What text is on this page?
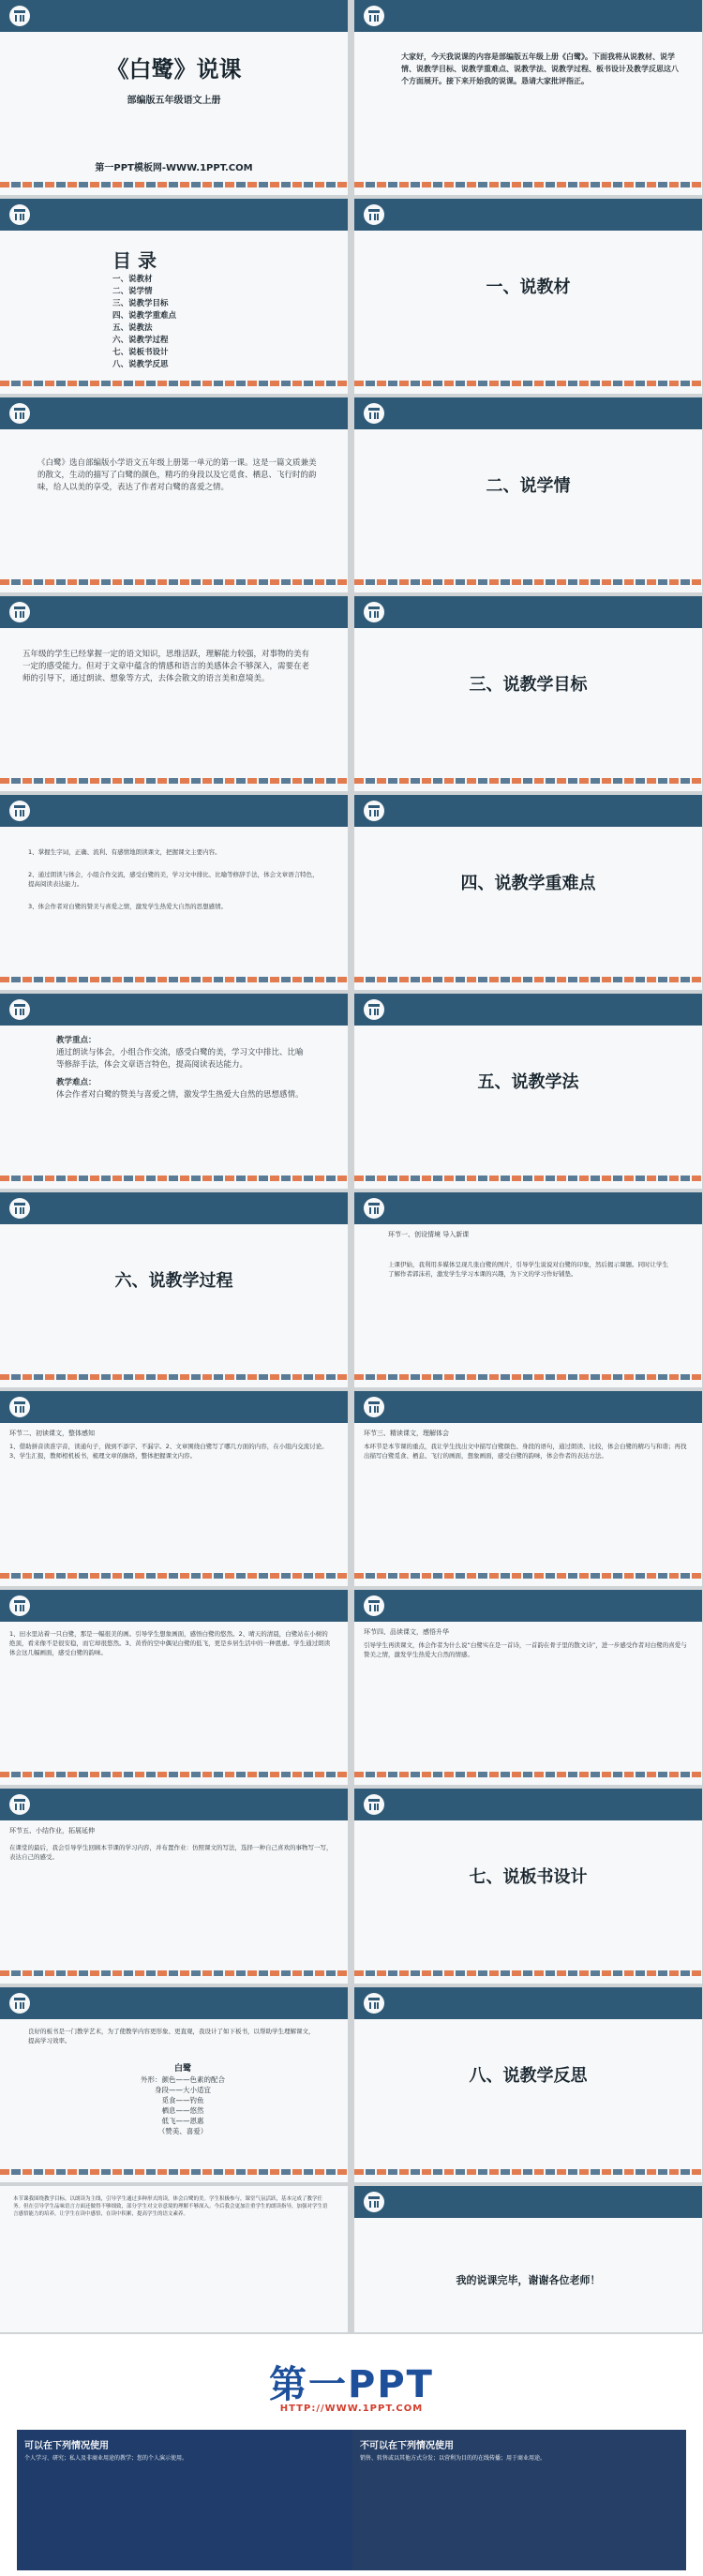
《白鹭》说课
部编版五年级语文上册
第一PPT模板网-WWW.1PPT.COM
大家好，今天我说课的内容是部编版五年级上册《白鹭》。下面我将从说教材、说学情、说教学目标、说教学重难点、说教学法、说教学过程、板书设计及教学反思这八个方面展开。接下来开始我的说课。恳请大家批评指正。
目 录
一、说教材
二、说学情
三、说教学目标
四、说教学重难点
五、说教法
六、说教学过程
七、说板书设计
八、说教学反思
一、说教材
《白鹭》选自部编版小学语文五年级上册第一单元的第一课。这是一篇文质兼美的散文，生动的描写了白鹭的颜色，精巧的身段以及它觅食、栖息、飞行时的韵味，给人以美的享受，表达了作者对白鹭的喜爱之情。	二、说学情
五年级的学生已经掌握一定的语文知识，思维活跃，理解能力较强，对事物的美有一定的感受能力。但对于文章中蕴含的情感和语言的美感体会不够深入，需要在老师的引导下，通过朗读、想象等方式，去体会散文的语言美和意境美。	三、说教学目标
1、掌握生字词，正确、流利、有感情地朗读课文，把握课文主要内容。
2、通过朗读与体会，小组合作交流，感受白鹭的美，学习文中排比、比喻等修辞手法，体会文章语言特色，提高阅读表达能力。
3、体会作者对白鹭的赞美与喜爱之情，激发学生热爱大自然的思想感情。
四、说教学重难点
教学重点：
通过朗读与体会，小组合作交流，感受白鹭的美，学习文中排比、比喻等修辞手法，体会文章语言特色，提高阅读表达能力。
教学难点：
体会作者对白鹭的赞美与喜爱之情，激发学生热爱大自然的思想感情。
五、说教学法
六、说教学过程
环节一、创设情境 导入新课
上课伊始，我利用多媒体呈现几张白鹭的图片，引导学生说说对白鹭的印象，然后揭示课题。同时让学生了解作者郭沫若，激发学生学习本课的兴趣，为下文的学习作好铺垫。
环节二、初读课文，整体感知
1、借助拼音读准字音，读通句子，做到不添字、不漏字。2、文章围绕白鹭写了哪几方面的内容，在小组内交流讨论。3、学生汇报，教师相机板书，梳理文章的脉络，整体把握课文内容。
环节三、精读课文，理解体会
本环节是本节课的重点，我让学生找出文中描写白鹭颜色、身段的语句，通过朗读、比较，体会白鹭的精巧与和谐；再找出描写白鹭觅食、栖息、飞行的画面，想象画面，感受白鹭的韵味，体会作者的表达方法。
1、田水里站着一只白鹭，那是一幅很美的画。引导学生想象画面，感悟白鹭的悠然。2、晴天的清晨，白鹭站在小树的绝顶，看来像不是很安稳，而它却很悠然。3、黄昏的空中偶见白鹭的低飞，更是乡居生活中的一种恩惠。学生通过朗读体会这几幅画面，感受白鹭的韵味。
环节四、品读课文，感悟升华
引导学生再读课文，体会作者为什么说“白鹭实在是一首诗，一首韵在骨子里的散文诗”，进一步感受作者对白鹭的喜爱与赞美之情，激发学生热爱大自然的情感。
环节五、小结作业，拓展延伸
在课堂的最后，我会引导学生回顾本节课的学习内容，并布置作业：仿照课文的写法，选择一种自己喜欢的事物写一写，表达自己的感受。
七、说板书设计
良好的板书是一门教学艺术，为了使教学内容更形象、更直观，我设计了如下板书，以帮助学生理解课文，提高学习效率。
白鹭
外形：颜色——色素的配合
身段——大小适宜
觅食——钓鱼
栖息——悠然
低飞——恩惠
（赞美、喜爱）
八、说教学反思
本节课我围绕教学目标，以朗读为主线，引导学生通过多种形式的读，体会白鹭的美。学生积极参与，课堂气氛活跃，基本完成了教学任务。但在引导学生品味语言方面还做得不够细致，部分学生对文章意境的理解不够深入。今后我会更加注重学生的朗读指导，加强对学生语言感悟能力的培养，让学生在读中感悟，在读中积累，提高学生的语文素养。
我的说课完毕，谢谢各位老师！
第一PPT
HTTP://WWW.1PPT.COM
可以在下列情况使用
个人学习、研究；私人及非商业用途的教学；您的个人演示使用。
不可以在下列情况使用
销售、转售或以其他方式分发；以营利为目的的在线传播；用于商业用途。
